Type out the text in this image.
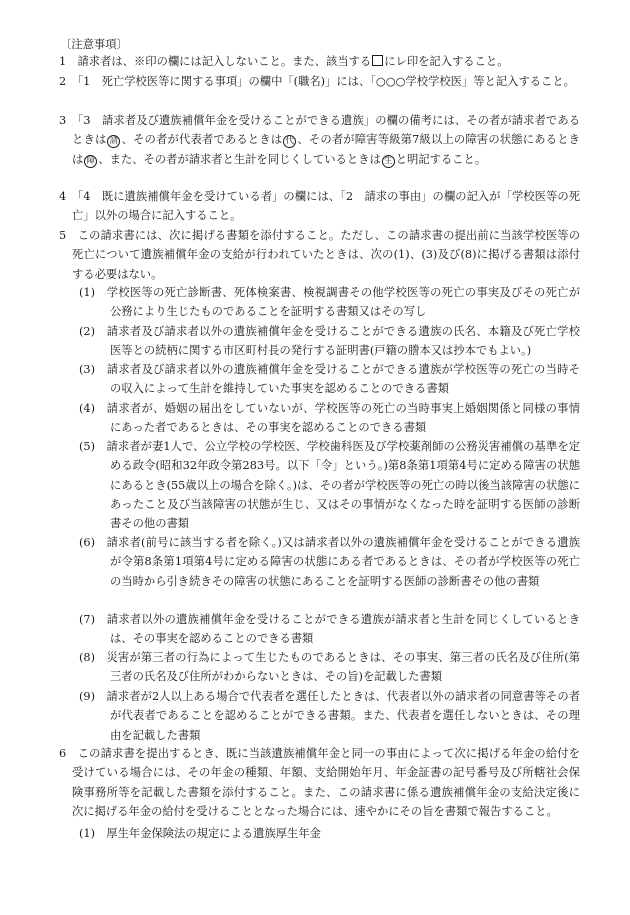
〔注意事項〕
1　請求者は、※印の欄には記入しないこと。また、該当する にレ印を記入すること。
2　「1　死亡学校医等に関する事項」の欄中「(職名)」には、「○○○学校学校医」等と記入すること。
3　「3　請求者及び遺族補償年金を受けることができる遺族」の欄の備考には、その者が請求者であるときは 請 、その者が代表者であるときは 代 、その者が障害等級第7級以上の障害の状態にあるときは 障 、また、その者が請求者と生計を同じくしているときは 生 と明記すること。
4　「4　既に遺族補償年金を受けている者」の欄には、「2　請求の事由」の欄の記入が「学校医等の死亡」以外の場合に記入すること。
5　この請求書には、次に掲げる書類を添付すること。ただし、この請求書の提出前に当該学校医等の死亡について遺族補償年金の支給が行われていたときは、次の(1)、(3)及び(8)に掲げる書類は添付する必要はない。
(1)　学校医等の死亡診断書、死体検案書、検視調書その他学校医等の死亡の事実及びその死亡が公務により生じたものであることを証明する書類又はその写し
(2)　請求者及び請求者以外の遺族補償年金を受けることができる遺族の氏名、本籍及び死亡学校医等との続柄に関する市区町村長の発行する証明書(戸籍の謄本又は抄本でもよい。)
(3)　請求者及び請求者以外の遺族補償年金を受けることができる遺族が学校医等の死亡の当時その収入によって生計を維持していた事実を認めることのできる書類
(4)　請求者が、婚姻の届出をしていないが、学校医等の死亡の当時事実上婚姻関係と同様の事情にあった者であるときは、その事実を認めることのできる書類
(5)　請求者が妻1人で、公立学校の学校医、学校歯科医及び学校薬剤師の公務災害補償の基準を定める政令(昭和32年政令第283号。以下「令」という。)第8条第1項第4号に定める障害の状態にあるとき(55歳以上の場合を除く。)は、その者が学校医等の死亡の時以後当該障害の状態にあったこと及び当該障害の状態が生じ、又はその事情がなくなった時を証明する医師の診断書その他の書類
(6)　請求者(前号に該当する者を除く。)又は請求者以外の遺族補償年金を受けることができる遺族が令第8条第1項第4号に定める障害の状態にある者であるときは、その者が学校医等の死亡の当時から引き続きその障害の状態にあることを証明する医師の診断書その他の書類
(7)　請求者以外の遺族補償年金を受けることができる遺族が請求者と生計を同じくしているときは、その事実を認めることのできる書類
(8)　災害が第三者の行為によって生じたものであるときは、その事実、第三者の氏名及び住所(第三者の氏名及び住所がわからないときは、その旨)を記載した書類
(9)　請求者が2人以上ある場合で代表者を選任したときは、代表者以外の請求者の同意書等その者が代表者であることを認めることができる書類。また、代表者を選任しないときは、その理由を記載した書類
6　この請求書を提出するとき、既に当該遺族補償年金と同一の事由によって次に掲げる年金の給付を受けている場合には、その年金の種類、年額、支給開始年月、年金証書の記号番号及び所轄社会保険事務所等を記載した書類を添付すること。また、この請求書に係る遺族補償年金の支給決定後に次に掲げる年金の給付を受けることとなった場合には、速やかにその旨を書類で報告すること。
(1)　厚生年金保険法の規定による遺族厚生年金
